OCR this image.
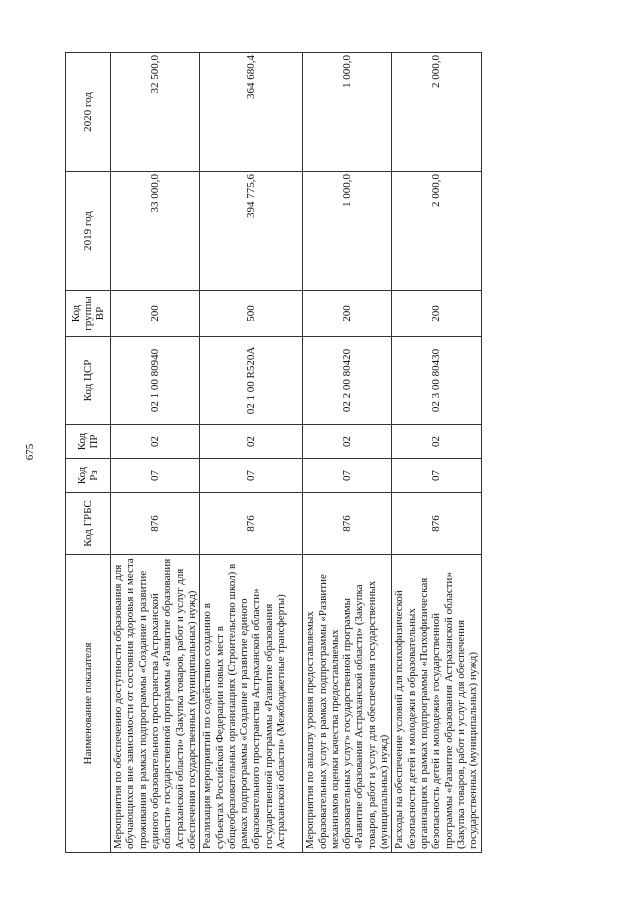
675
Наименование показателя	Код ГРБС	Код Рз	Код ПР	Код ЦСР	Код группы ВР	2019 год	2020 год
Мероприятия по обеспечению доступности образования для обучающихся вне зависимости от состояния здоровья и места проживания в рамках подпрограммы «Создание и развитие единого образовательного пространства Астраханской области» государственной программы «Развитие образования Астраханской области» (Закупка товаров, работ и услуг для обеспечения государственных (муниципальных) нужд)	876	07	02	02 1 00 80940	200	33 000,0	32 500,0
Реализация мероприятий по содействию созданию в субъектах Российской Федерации новых мест в общеобразовательных организациях (Строительство школ) в рамках подпрограммы «Создание и развитие единого образовательного пространства Астраханской области» государственной программы «Развитие образования Астраханской области» (Межбюджетные трансферты)	876	07	02	02 1 00 R520A	500	394 775,6	364 680,4
Мероприятия по анализу уровня предоставляемых образовательных услуг в рамках подпрограммы «Развитие механизмов оценки качества предоставляемых образовательных услуг» государственной программы «Развитие образования Астраханской области» (Закупка товаров, работ и услуг для обеспечения государственных (муниципальных) нужд)	876	07	02	02 2 00 80420	200	1 000,0	1 000,0
Расходы на обеспечение условий для психофизической безопасности детей и молодежи в образовательных организациях в рамках подпрограммы «Психофизическая безопасность детей и молодежи» государственной программы «Развитие образования Астраханской области» (Закупка товаров, работ и услуг для обеспечения государственных (муниципальных) нужд)	876	07	02	02 3 00 80430	200	2 000,0	2 000,0
